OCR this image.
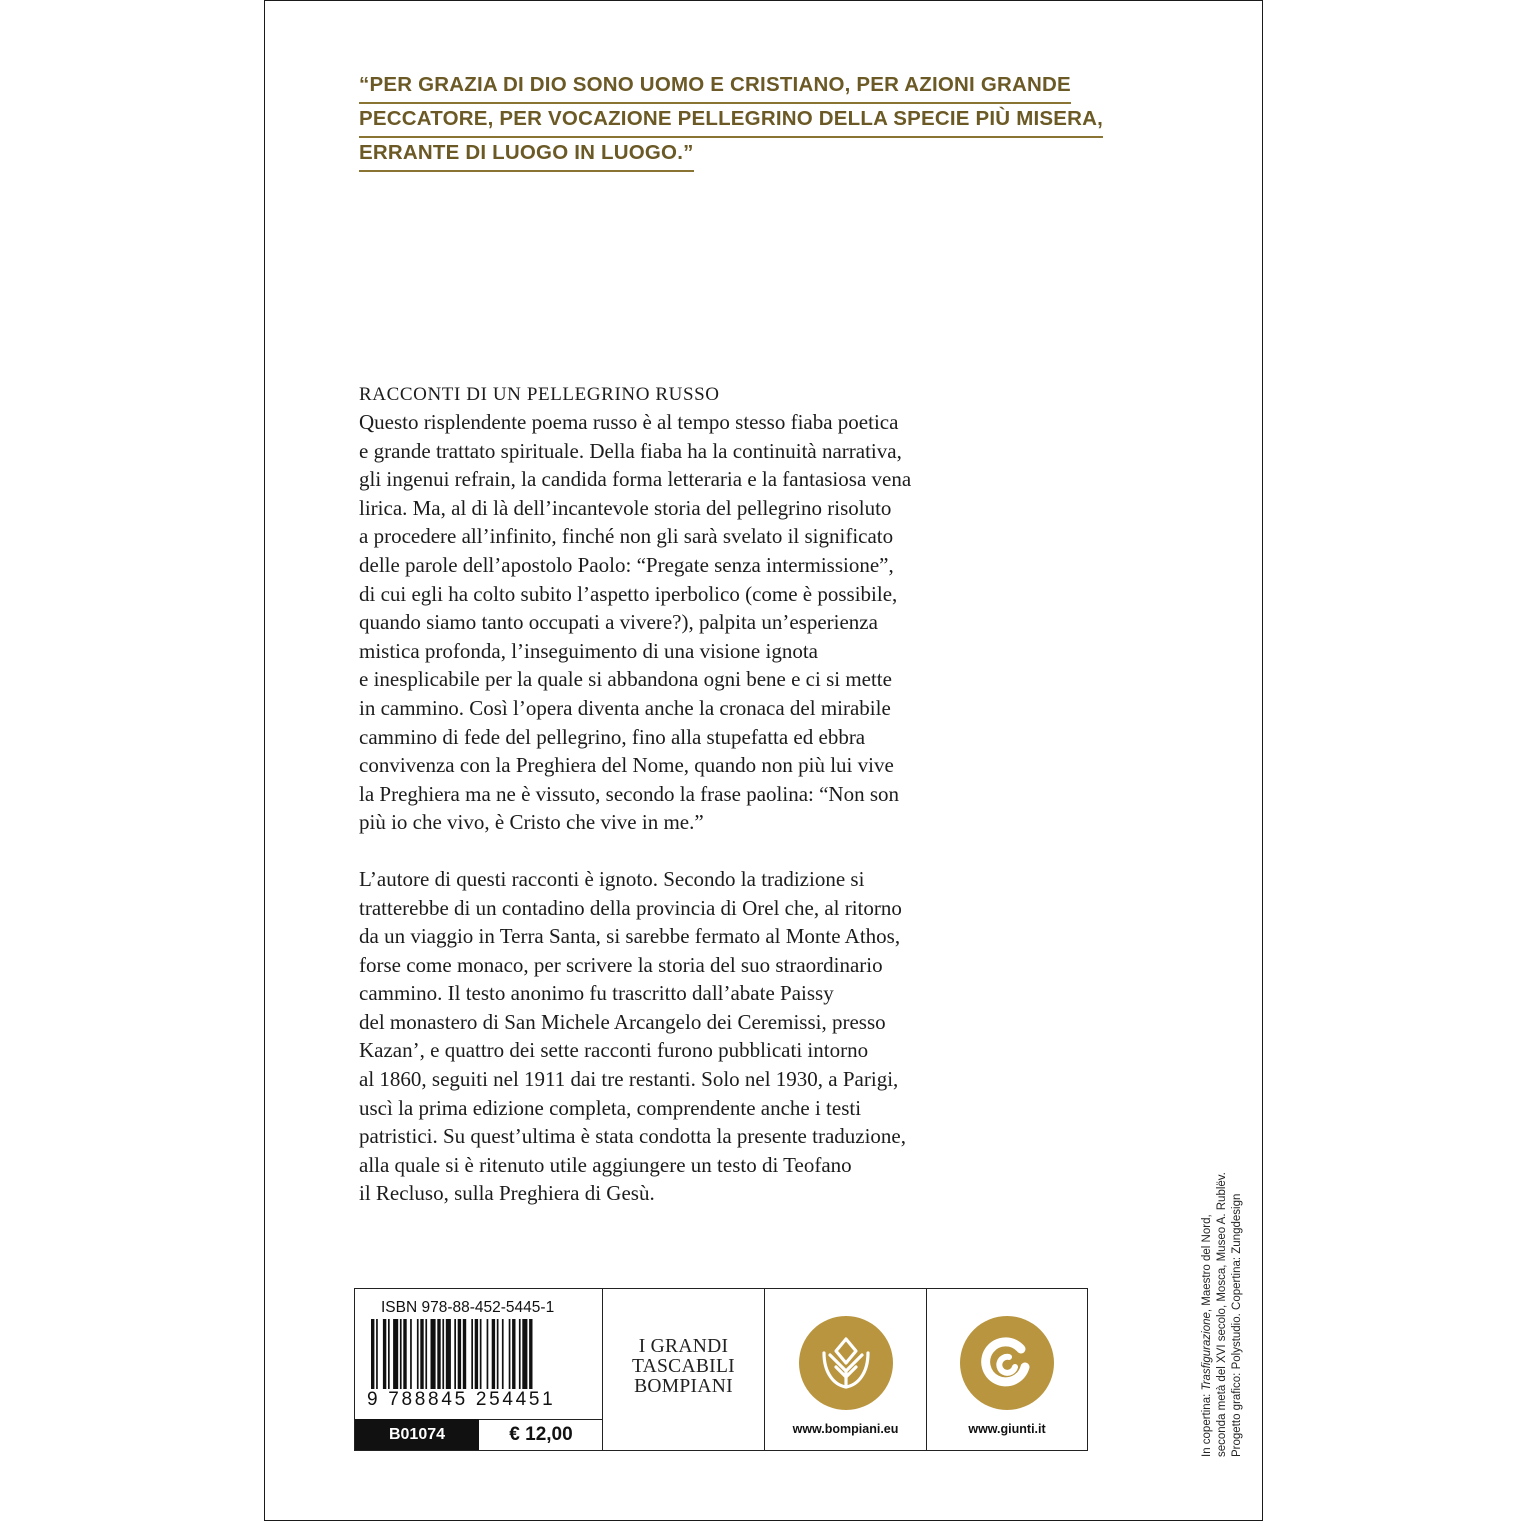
“PER GRAZIA DI DIO SONO UOMO E CRISTIANO, PER AZIONI GRANDE
PECCATORE, PER VOCAZIONE PELLEGRINO DELLA SPECIE PIÙ MISERA,
ERRANTE DI LUOGO IN LUOGO.”
RACCONTI DI UN PELLEGRINO RUSSO
Questo risplendente poema russo è al tempo stesso fiaba poetica
e grande trattato spirituale. Della fiaba ha la continuità narrativa,
gli ingenui refrain, la candida forma letteraria e la fantasiosa vena
lirica. Ma, al di là dell’incantevole storia del pellegrino risoluto
a procedere all’infinito, finché non gli sarà svelato il significato
delle parole dell’apostolo Paolo: “Pregate senza intermissione”,
di cui egli ha colto subito l’aspetto iperbolico (come è possibile,
quando siamo tanto occupati a vivere?), palpita un’esperienza
mistica profonda, l’inseguimento di una visione ignota
e inesplicabile per la quale si abbandona ogni bene e ci si mette
in cammino. Così l’opera diventa anche la cronaca del mirabile
cammino di fede del pellegrino, fino alla stupefatta ed ebbra
convivenza con la Preghiera del Nome, quando non più lui vive
la Preghiera ma ne è vissuto, secondo la frase paolina: “Non son
più io che vivo, è Cristo che vive in me.”
L’autore di questi racconti è ignoto. Secondo la tradizione si
tratterebbe di un contadino della provincia di Orel che, al ritorno
da un viaggio in Terra Santa, si sarebbe fermato al Monte Athos,
forse come monaco, per scrivere la storia del suo straordinario
cammino. Il testo anonimo fu trascritto dall’abate Paissy
del monastero di San Michele Arcangelo dei Ceremissi, presso
Kazan’, e quattro dei sette racconti furono pubblicati intorno
al 1860, seguiti nel 1911 dai tre restanti. Solo nel 1930, a Parigi,
uscì la prima edizione completa, comprendente anche i testi
patristici. Su quest’ultima è stata condotta la presente traduzione,
alla quale si è ritenuto utile aggiungere un testo di Teofano
il Recluso, sulla Preghiera di Gesù.
In copertina: Trasfigurazione, Maestro del Nord, seconda metà del XVI secolo, Mosca, Museo A. Rublëv. Progetto grafico: Polystudio. Copertina: Zungdesign
ISBN 978-88-452-5445-1
9 788845 254451
B01074	€ 12,00
I GRANDI
TASCABILI
BOMPIANI
www.bompiani.eu	www.giunti.it
